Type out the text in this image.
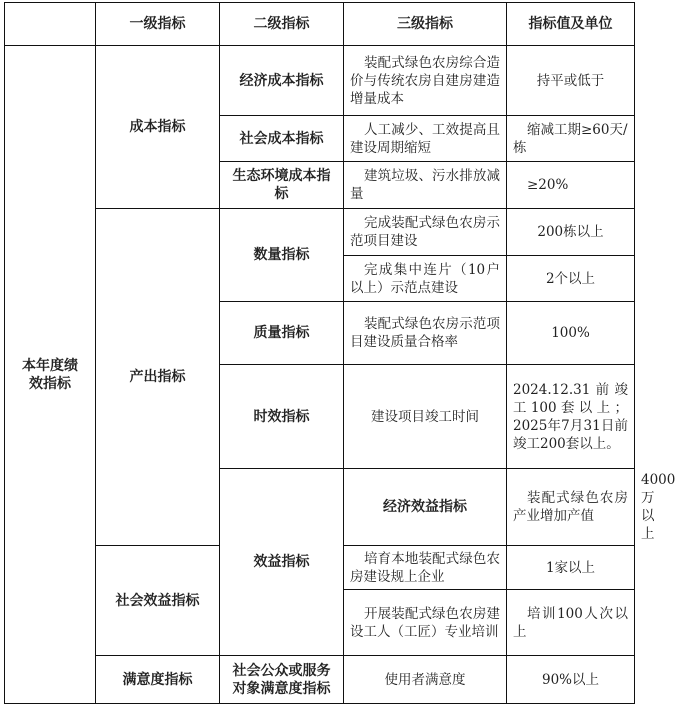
	一级指标	二级指标	三级指标	指标值及单位	
本年度绩效指标	成本指标	经济成本指标	装配式绿色农房综合造价与传统农房自建房建造增量成本	持平或低于	
		社会成本指标	人工减少、工效提高且建设周期缩短	缩减工期≥60天/栋	
		生态环境成本指标	建筑垃圾、污水排放减量	≥20%	
	产出指标	数量指标	完成装配式绿色农房示范项目建设	200栋以上	
			完成集中连片（10户以上）示范点建设	2个以上	
		质量指标	装配式绿色农房示范项目建设质量合格率	100%	
		时效指标	建设项目竣工时间	2024.12.31前竣工100套以上；2025年7月31日前竣工200套以上。	
		效益指标	经济效益指标	装配式绿色农房产业增加产值	4000万以上
	社会效益指标		培育本地装配式绿色农房建设规上企业	1家以上	
			开展装配式绿色农房建设工人（工匠）专业培训	培训100人次以上	
	满意度指标	社会公众或服务对象满意度指标	使用者满意度	90%以上	
